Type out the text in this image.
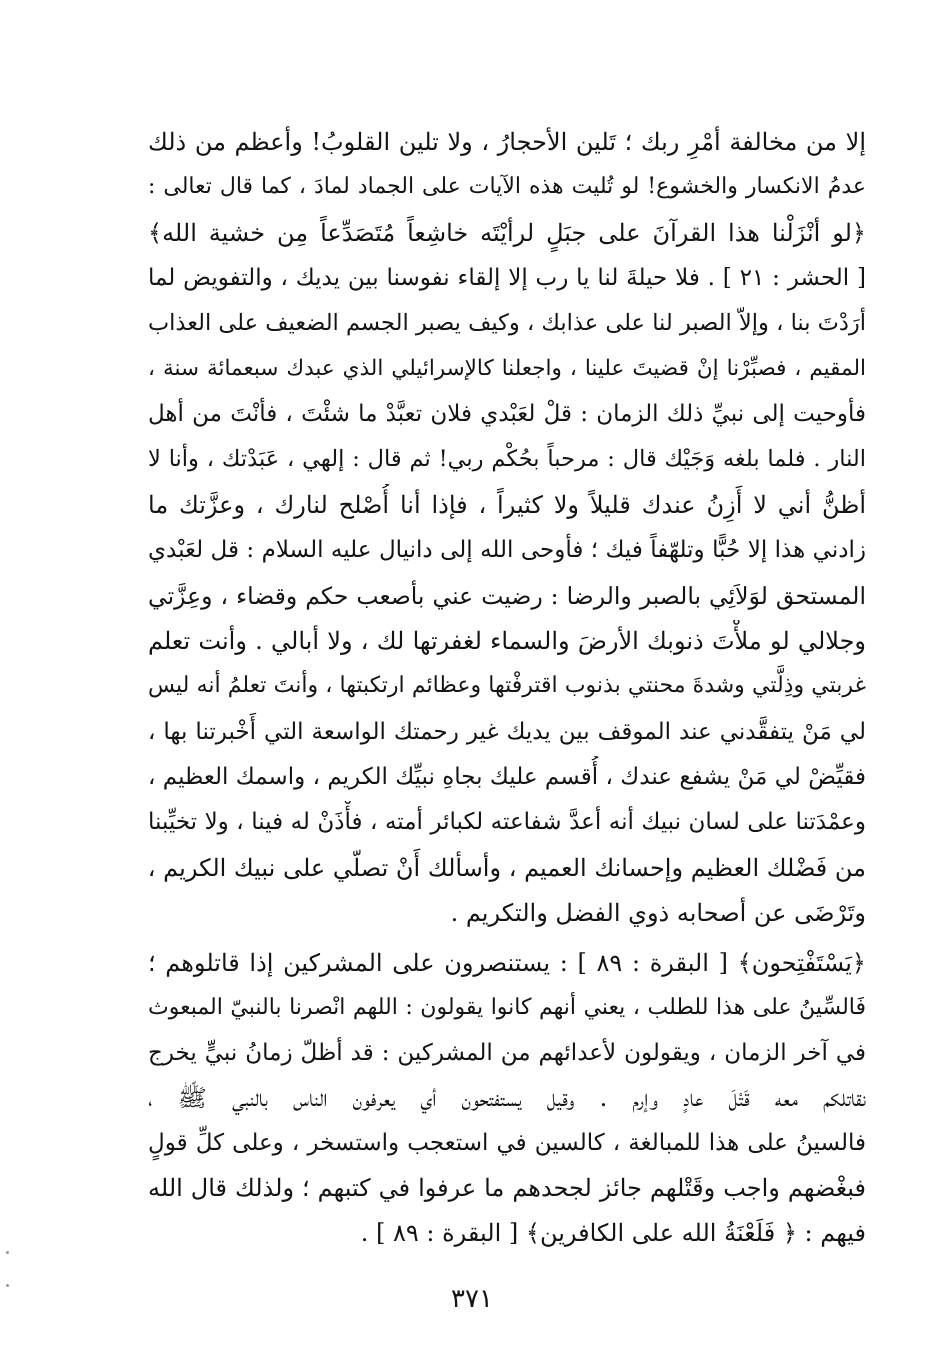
إلا من مخالفة أمْرِ ربك ؛ تَلين الأحجارُ ، ولا تلين القلوبُ! وأعظم من ذلك
عدمُ الانكسار والخشوع! لو تُليت هذه الآيات على الجماد لمادَ ، كما قال تعالى :
﴿لو أنْزَلْنا هذا القرآنَ على جبَلٍ لرأيْتَه خاشِعاً مُتَصَدِّعاً مِن خشية الله﴾
[ الحشر : ٢١ ] . فلا حيلةَ لنا يا رب إلا إلقاء نفوسنا بين يديك ، والتفويض لما
أرَدْتَ بنا ، وإلاّ الصبر لنا على عذابك ، وكيف يصبر الجسم الضعيف على العذاب
المقيم ، فصبِّرْنا إنْ قضيتَ علينا ، واجعلنا كالإسرائيلي الذي عبدك سبعمائة سنة ،
فأوحيت إلى نبيِّ ذلك الزمان : قلْ لعَبْدي فلان تعبَّدْ ما شئْتَ ، فأنْتَ من أهل
النار . فلما بلغه وَجَيْك قال : مرحباً بحُكْم ربي! ثم قال : إلهي ، عَبَدْتك ، وأنا لا
أظنُّ أني لا أَزِنُ عندك قليلاً ولا كثيراً ، فإذا أنا أُصْلح لنارك ، وعزَّتك ما
زادني هذا إلا حُبًّا وتلهّفاً فيك ؛ فأوحى الله إلى دانيال عليه السلام : قل لعَبْدي
المستحق لوَلاَئِي بالصبر والرضا : رضيت عني بأصعب حكم وقضاء ، وعِزَّتي
وجلالي لو ملأْتَ ذنوبك الأرضَ والسماء لغفرتها لك ، ولا أبالي . وأنت تعلم
غربتي وذِلَّتي وشدةَ محنتي بذنوب اقترفْتها وعظائم ارتكبتها ، وأنتَ تعلمُ أنه ليس
لي مَنْ يتفقَّدني عند الموقف بين يديك غير رحمتك الواسعة التي أَخْبرتنا بها ،
فقيِّضْ لي مَنْ يشفع عندك ، أُقسم عليك بجاهِ نبيِّك الكريم ، واسمك العظيم ،
وعمْدَتنا على لسان نبيك أنه أعدَّ شفاعته لكبائر أمته ، فأْذَنْ له فينا ، ولا تخيِّبنا
من فَضْلك العظيم وإحسانك العميم ، وأسألك أَنْ تصلّي على نبيك الكريم ،
وتَرْضَى عن أصحابه ذوي الفضل والتكريم .
﴿يَسْتَفْتِحون﴾ [ البقرة : ٨٩ ] : يستنصرون على المشركين إذا قاتلوهم ؛
فَالسِّينُ على هذا للطلب ، يعني أنهم كانوا يقولون : اللهم انْصرنا بالنبيّ المبعوث
في آخر الزمان ، ويقولون لأعدائهم من المشركين : قد أظلّ زمانُ نبيٍّ يخرج
نقاتلكم معه قَتْلَ عادٍ وإرم . وقيل يستفتحون أي يعرفون الناس بالنبي ﷺ ،
فالسينُ على هذا للمبالغة ، كالسين في استعجب واستسخر ، وعلى كلِّ قولٍ
فبغْضهم واجب وقَتْلهم جائز لجحدهم ما عرفوا في كتبهم ؛ ولذلك قال الله
فيهم : ﴿ فَلَعْنَةُ الله على الكافرين﴾ [ البقرة : ٨٩ ] .
٣٧١
